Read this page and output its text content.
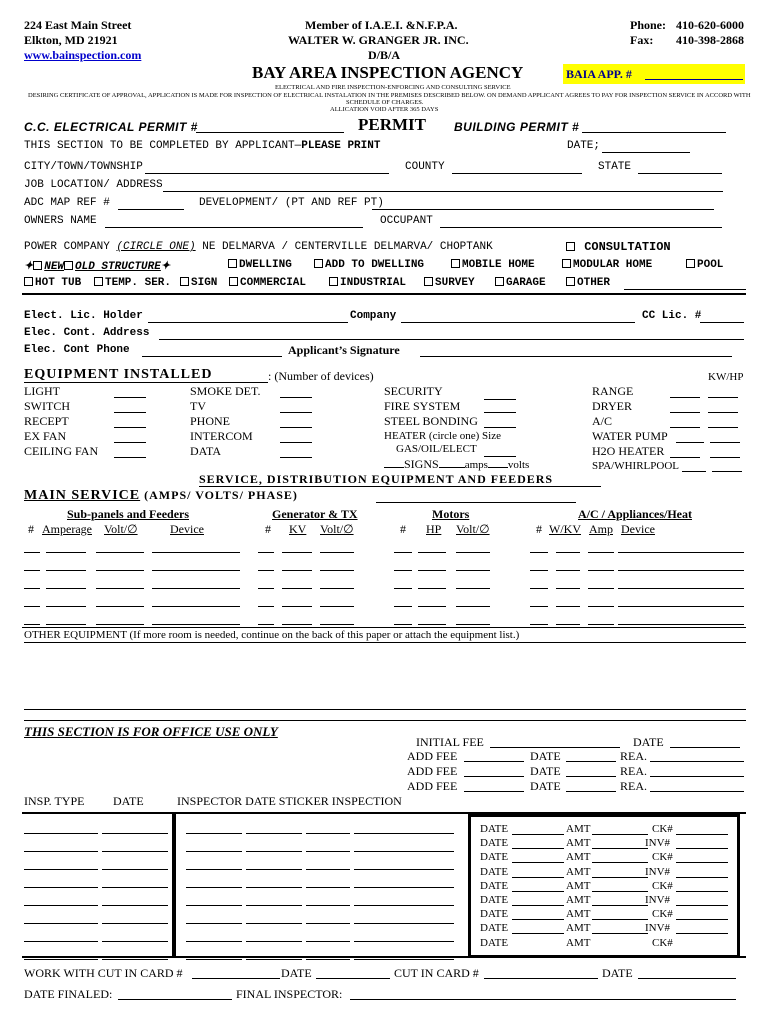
224 East Main Street
Elkton, MD 21921
www.bainspection.com
Member of I.A.E.I. &N.F.P.A.
WALTER W. GRANGER JR. INC.
D/B/A
Phone: 410-620-6000
Fax: 410-398-2868
BAY AREA INSPECTION AGENCY	BAIA APP. #
ELECTRICAL AND FIRE INSPECTION-ENFORCING AND CONSULTING SERVICE
DESIRING CERTIFICATE OF APPROVAL, APPLICATION IS MADE FOR INSPECTION OF ELECTRICAL INSTALATION IN THE PREMISES DESCRIBED BELOW. ON DEMAND APPLICANT AGREES TO PAY FOR INSPECTION SERVICE IN ACCORD WITH
SCHEDULE OF CHARGES.
ALLICATION VOID AFTER 365 DAYS
C.C. ELECTRICAL PERMIT #	PERMIT BUILDING PERMIT #
THIS SECTION TO BE COMPLETED BY APPLICANT—PLEASE PRINT	DATE;
CITY/TOWN/TOWNSHIP	COUNTY	STATE
JOB LOCATION/ ADDRESS
ADC MAP REF #	DEVELOPMENT/ (PT AND REF PT)
OWNERS NAME	OCCUPANT
POWER COMPANY (CIRCLE ONE) NE DELMARVA / CENTERVILLE DELMARVA/ CHOPTANK	CONSULTATION
✦ NEW OLD STRUCTURE✦	DWELLING	ADD TO DWELLING	MOBILE HOME	MODULAR HOME	POOL
HOT TUB	TEMP. SER.	SIGN	COMMERCIAL	INDUSTRIAL	SURVEY	GARAGE	OTHER
Elect. Lic. Holder	Company	CC Lic. #
Elec. Cont. Address
Elec. Cont Phone	Applicant’s Signature
EQUIPMENT INSTALLED	: (Number of devices)	KW/HP
LIGHT
SWITCH
RECEPT
EX FAN
CEILING FAN
SMOKE DET.
TV
PHONE
INTERCOM
DATA
SECURITY
FIRE SYSTEM
STEEL BONDING
HEATER (circle one) Size
GAS/OIL/ELECT
SIGNS amps volts
RANGE
DRYER
A/C
WATER PUMP
H2O HEATER
SPA/WHIRLPOOL
SERVICE, DISTRIBUTION EQUIPMENT AND FEEDERS
MAIN SERVICE (AMPS/ VOLTS/ PHASE)
Sub-panels and Feeders	Generator & TX	Motors	A/C / Appliances/Heat
# Amperage Volt/∅	Device	# KV Volt/∅	# HP Volt/∅	# W/KV Amp Device
OTHER EQUIPMENT (If more room is needed, continue on the back of this paper or attach the equipment list.)
THIS SECTION IS FOR OFFICE USE ONLY
INITIAL FEE	DATE
ADD FEE	DATE	REA.
ADD FEE	DATE	REA.
ADD FEE	DATE	REA.
INSP. TYPE DATE	INSPECTOR DATE STICKER INSPECTION
DATE	AMT	CK#
DATE	AMT	INV#
DATE	AMT	CK#
DATE	AMT	INV#
DATE	AMT	CK#
DATE	AMT	INV#
DATE	AMT	CK#
DATE	AMT	INV#
DATE	AMT	CK#
WORK WITH CUT IN CARD #	DATE	CUT IN CARD #	DATE
DATE FINALED:	FINAL INSPECTOR:
